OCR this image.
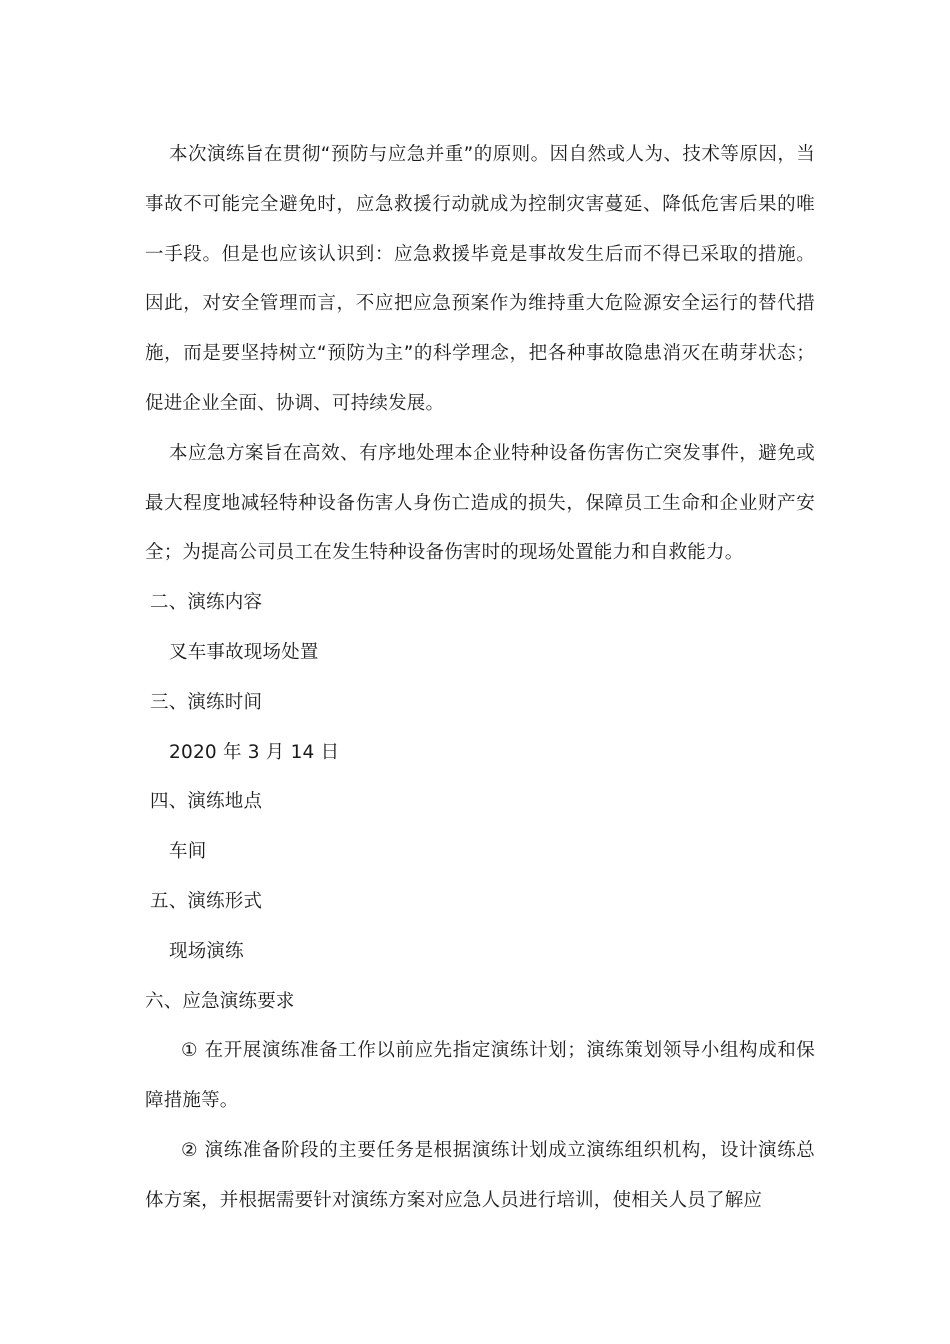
本次演练旨在贯彻“预防与应急并重”的原则。因自然或人为、技术等原因，当事故不可能完全避免时，应急救援行动就成为控制灾害蔓延、降低危害后果的唯一手段。但是也应该认识到：应急救援毕竟是事故发生后而不得已采取的措施。因此，对安全管理而言，不应把应急预案作为维持重大危险源安全运行的替代措施，而是要坚持树立“预防为主”的科学理念，把各种事故隐患消灭在萌芽状态；促进企业全面、协调、可持续发展。

本应急方案旨在高效、有序地处理本企业特种设备伤害伤亡突发事件，避免或最大程度地减轻特种设备伤害人身伤亡造成的损失，保障员工生命和企业财产安全；为提高公司员工在发生特种设备伤害时的现场处置能力和自救能力。

二、演练内容

叉车事故现场处置

三、演练时间

2020 年 3 月 14 日

四、演练地点

车间

五、演练形式

现场演练

六、应急演练要求

① 在开展演练准备工作以前应先指定演练计划；演练策划领导小组构成和保障措施等。

② 演练准备阶段的主要任务是根据演练计划成立演练组织机构，设计演练总体方案，并根据需要针对演练方案对应急人员进行培训，使相关人员了解应
